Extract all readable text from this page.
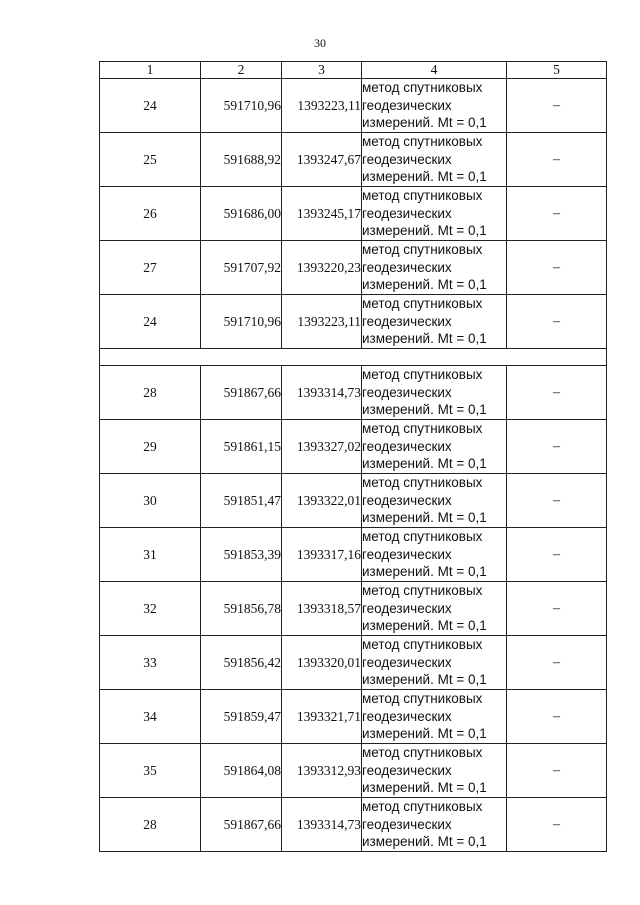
30
1	2	3	4	5
24	591710,96	1393223,11	метод спутниковых
геодезических
измерений. Mt = 0,1	–
25	591688,92	1393247,67	метод спутниковых
геодезических
измерений. Mt = 0,1	–
26	591686,00	1393245,17	метод спутниковых
геодезических
измерений. Mt = 0,1	–
27	591707,92	1393220,23	метод спутниковых
геодезических
измерений. Mt = 0,1	–
24	591710,96	1393223,11	метод спутниковых
геодезических
измерений. Mt = 0,1	–

28	591867,66	1393314,73	метод спутниковых
геодезических
измерений. Mt = 0,1	–
29	591861,15	1393327,02	метод спутниковых
геодезических
измерений. Mt = 0,1	–
30	591851,47	1393322,01	метод спутниковых
геодезических
измерений. Mt = 0,1	–
31	591853,39	1393317,16	метод спутниковых
геодезических
измерений. Mt = 0,1	–
32	591856,78	1393318,57	метод спутниковых
геодезических
измерений. Mt = 0,1	–
33	591856,42	1393320,01	метод спутниковых
геодезических
измерений. Mt = 0,1	–
34	591859,47	1393321,71	метод спутниковых
геодезических
измерений. Mt = 0,1	–
35	591864,08	1393312,93	метод спутниковых
геодезических
измерений. Mt = 0,1	–
28	591867,66	1393314,73	метод спутниковых
геодезических
измерений. Mt = 0,1	–
